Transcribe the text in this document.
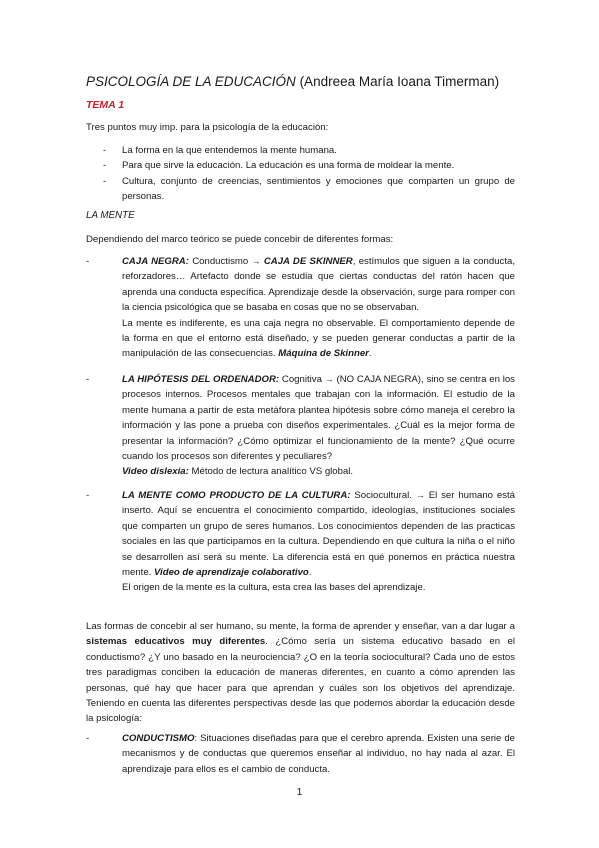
PSICOLOGÍA DE LA EDUCACIÓN (Andreea María Ioana Timerman)
TEMA 1
Tres puntos muy imp. para la psicología de la educación:
- La forma en la que entendemos la mente humana.
- Para que sirve la educación. La educación es una forma de moldear la mente.
- Cultura, conjunto de creencias, sentimientos y emociones que comparten un grupo de personas.
LA MENTE
Dependiendo del marco teórico se puede concebir de diferentes formas:
-	CAJA NEGRA: Conductismo → CAJA DE SKINNER, estímulos que siguen a la conducta, reforzadores… Artefacto donde se estudia que ciertas conductas del ratón hacen que aprenda una conducta específica. Aprendizaje desde la observación, surge para romper con la ciencia psicológica que se basaba en cosas que no se observaban.
La mente es indiferente, es una caja negra no observable. El comportamiento depende de la forma en que el entorno está diseñado, y se pueden generar conductas a partir de la manipulación de las consecuencias. Máquina de Skinner.
-	LA HIPÓTESIS DEL ORDENADOR: Cognitiva → (NO CAJA NEGRA), sino se centra en los procesos internos. Procesos mentales que trabajan con la información. El estudio de la mente humana a partir de esta metáfora plantea hipótesis sobre cómo maneja el cerebro la información y las pone a prueba con diseños experimentales. ¿Cuál es la mejor forma de presentar la información? ¿Cómo optimizar el funcionamiento de la mente? ¿Qué ocurre cuando los procesos son diferentes y peculiares?
Video dislexia: Método de lectura analítico VS global.
-	LA MENTE COMO PRODUCTO DE LA CULTURA: Sociocultural. → El ser humano está inserto. Aquí se encuentra el conocimiento compartido, ideologías, instituciones sociales que comparten un grupo de seres humanos. Los conocimientos dependen de las practicas sociales en las que participamos en la cultura. Dependiendo en que cultura la niña o el niño se desarrollen así será su mente. La diferencia está en qué ponemos en práctica nuestra mente. Video de aprendizaje colaborativo.
El origen de la mente es la cultura, esta crea las bases del aprendizaje.
Las formas de concebir al ser humano, su mente, la forma de aprender y enseñar, van a dar lugar a sistemas educativos muy diferentes. ¿Cómo sería un sistema educativo basado en el conductismo? ¿Y uno basado en la neurociencia? ¿O en la teoría sociocultural? Cada uno de estos tres paradigmas conciben la educación de maneras diferentes, en cuanto a cómo aprenden las personas, qué hay que hacer para que aprendan y cuáles son los objetivos del aprendizaje. Teniendo en cuenta las diferentes perspectivas desde las que podemos abordar la educación desde la psicología:
-	CONDUCTISMO: Situaciones diseñadas para que el cerebro aprenda. Existen una serie de mecanismos y de conductas que queremos enseñar al individuo, no hay nada al azar. El aprendizaje para ellos es el cambio de conducta.
1
